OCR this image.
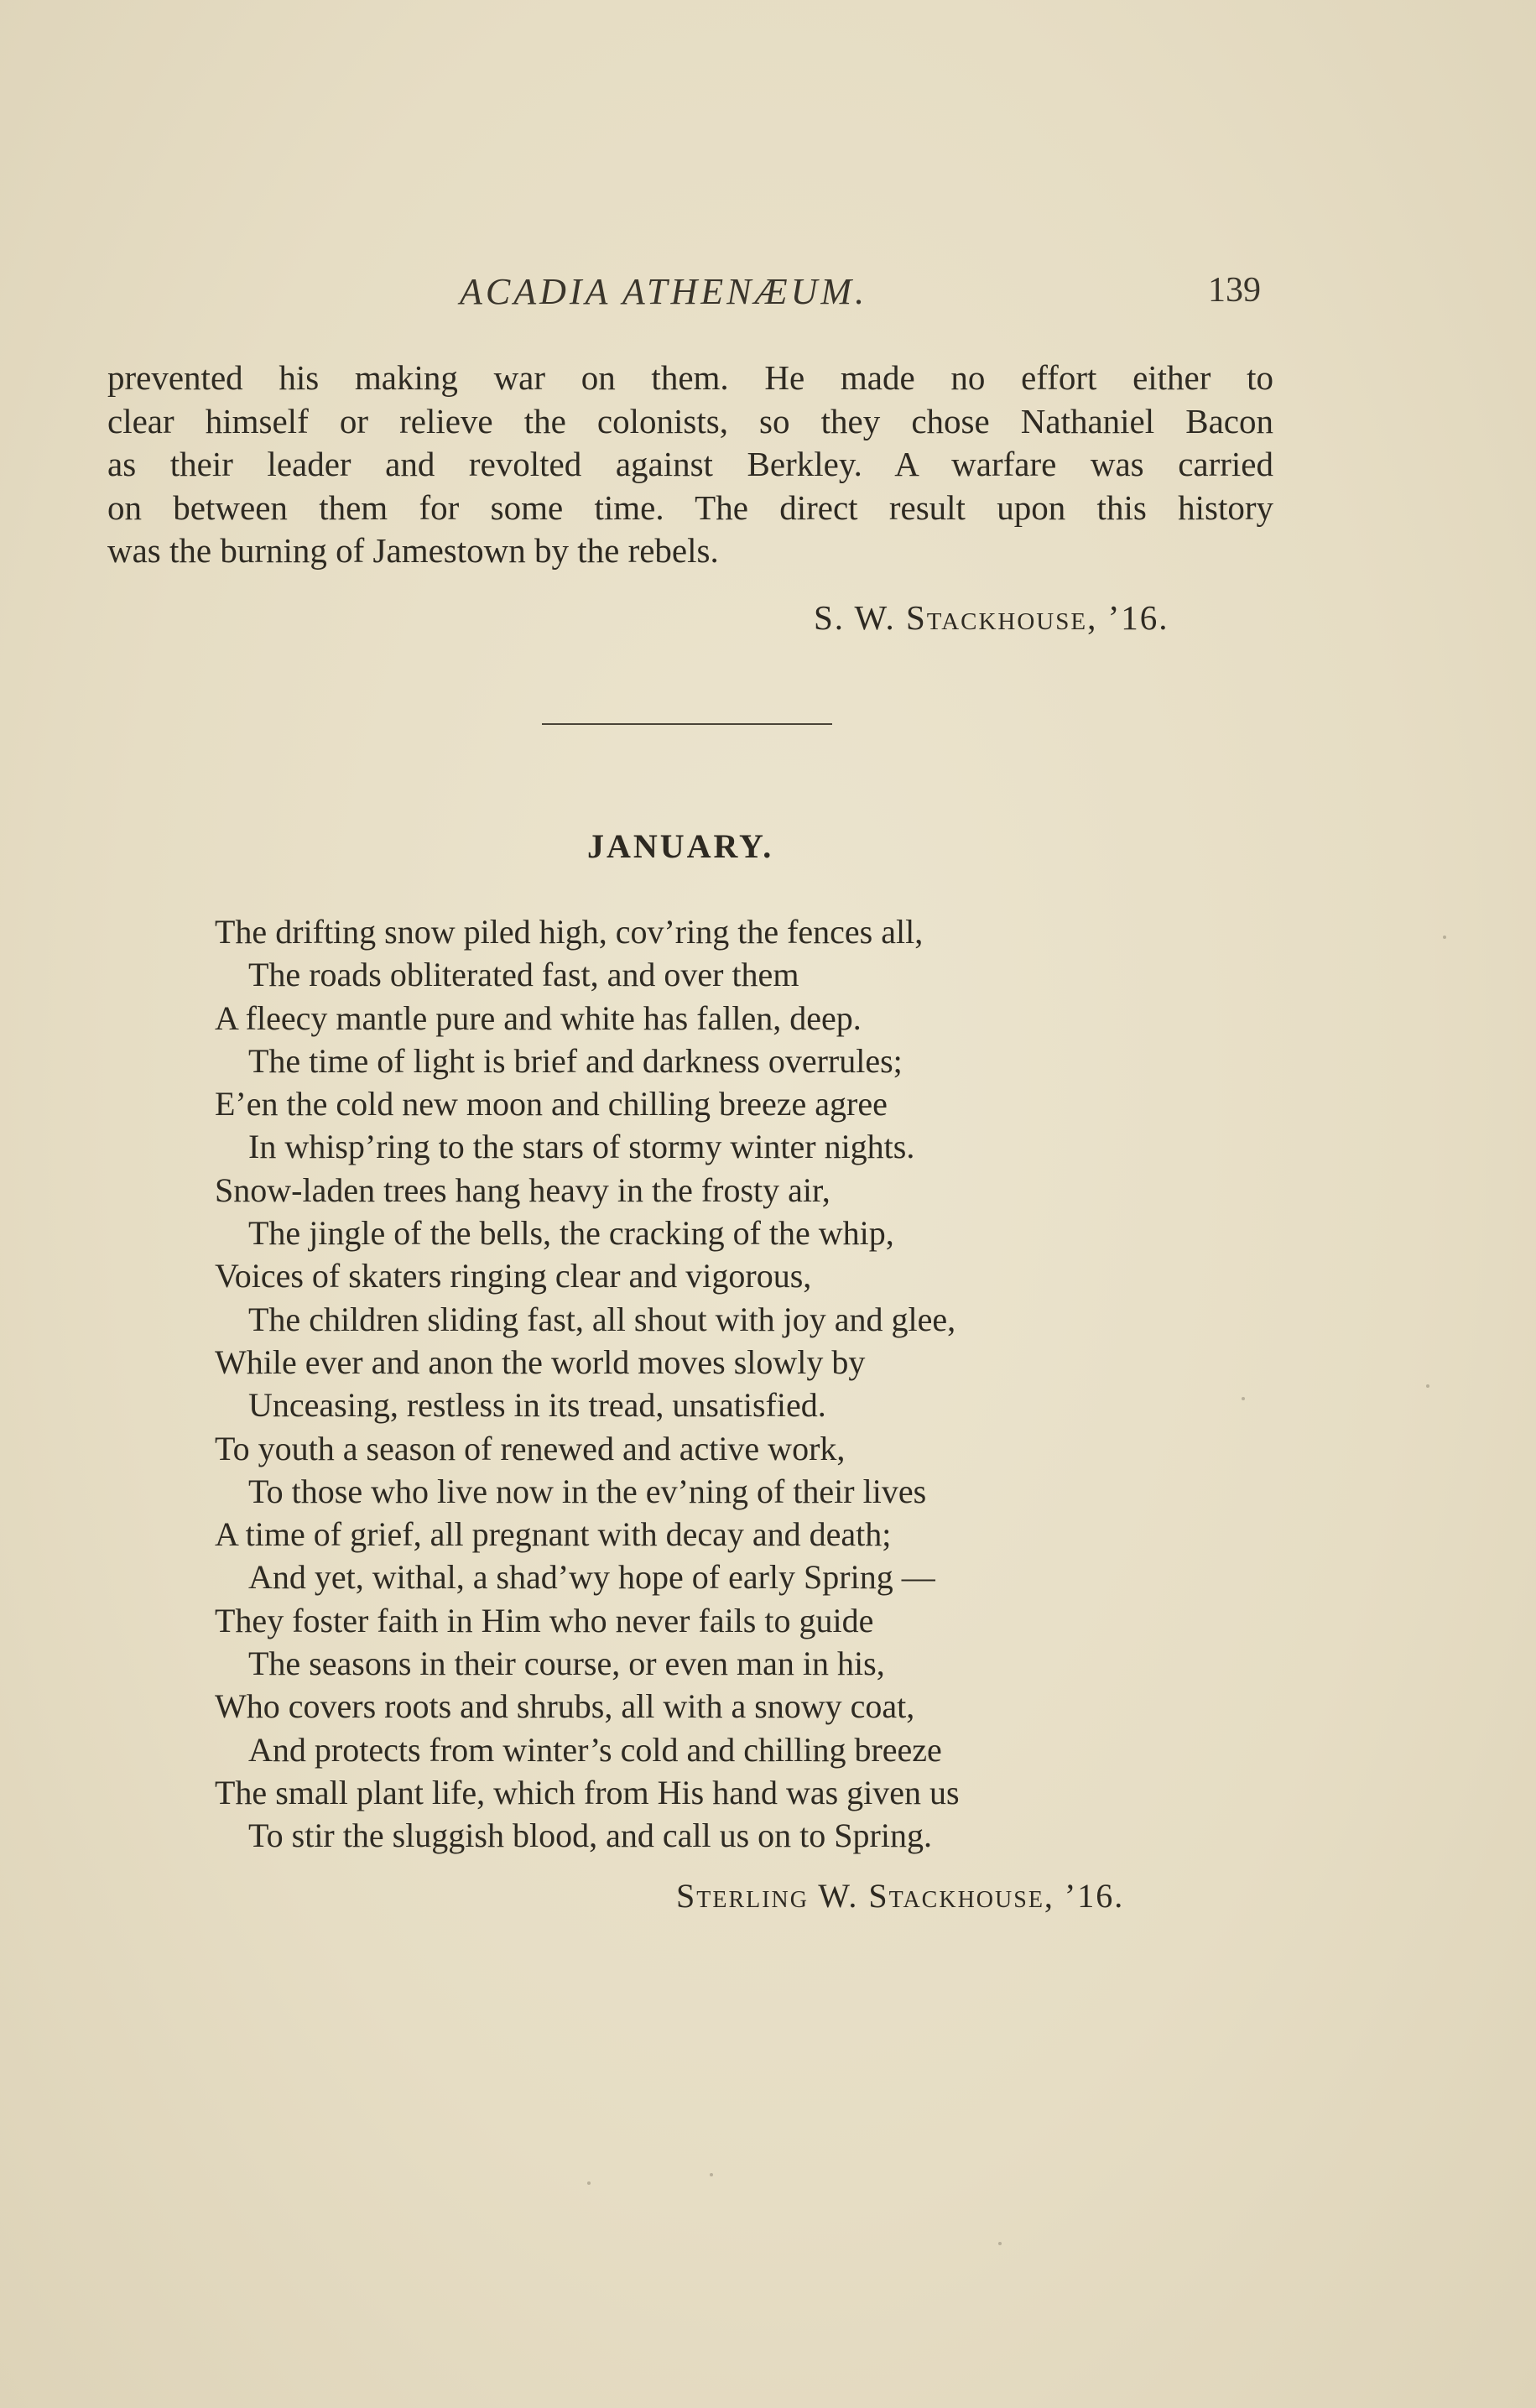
ACADIA ATHENÆUM.	139
prevented his making war on them. He made no effort either to
clear himself or relieve the colonists, so they chose Nathaniel Bacon
as their leader and revolted against Berkley. A warfare was carried
on between them for some time. The direct result upon this history
was the burning of Jamestown by the rebels.
S. W. Stackhouse, ’16.
JANUARY.
The drifting snow piled high, cov’ring the fences all,
The roads obliterated fast, and over them
A fleecy mantle pure and white has fallen, deep.
The time of light is brief and darkness overrules;
E’en the cold new moon and chilling breeze agree
In whisp’ring to the stars of stormy winter nights.
Snow-laden trees hang heavy in the frosty air,
The jingle of the bells, the cracking of the whip,
Voices of skaters ringing clear and vigorous,
The children sliding fast, all shout with joy and glee,
While ever and anon the world moves slowly by
Unceasing, restless in its tread, unsatisfied.
To youth a season of renewed and active work,
To those who live now in the ev’ning of their lives
A time of grief, all pregnant with decay and death;
And yet, withal, a shad’wy hope of early Spring —
They foster faith in Him who never fails to guide
The seasons in their course, or even man in his,
Who covers roots and shrubs, all with a snowy coat,
And protects from winter’s cold and chilling breeze
The small plant life, which from His hand was given us
To stir the sluggish blood, and call us on to Spring.
Sterling W. Stackhouse, ’16.
